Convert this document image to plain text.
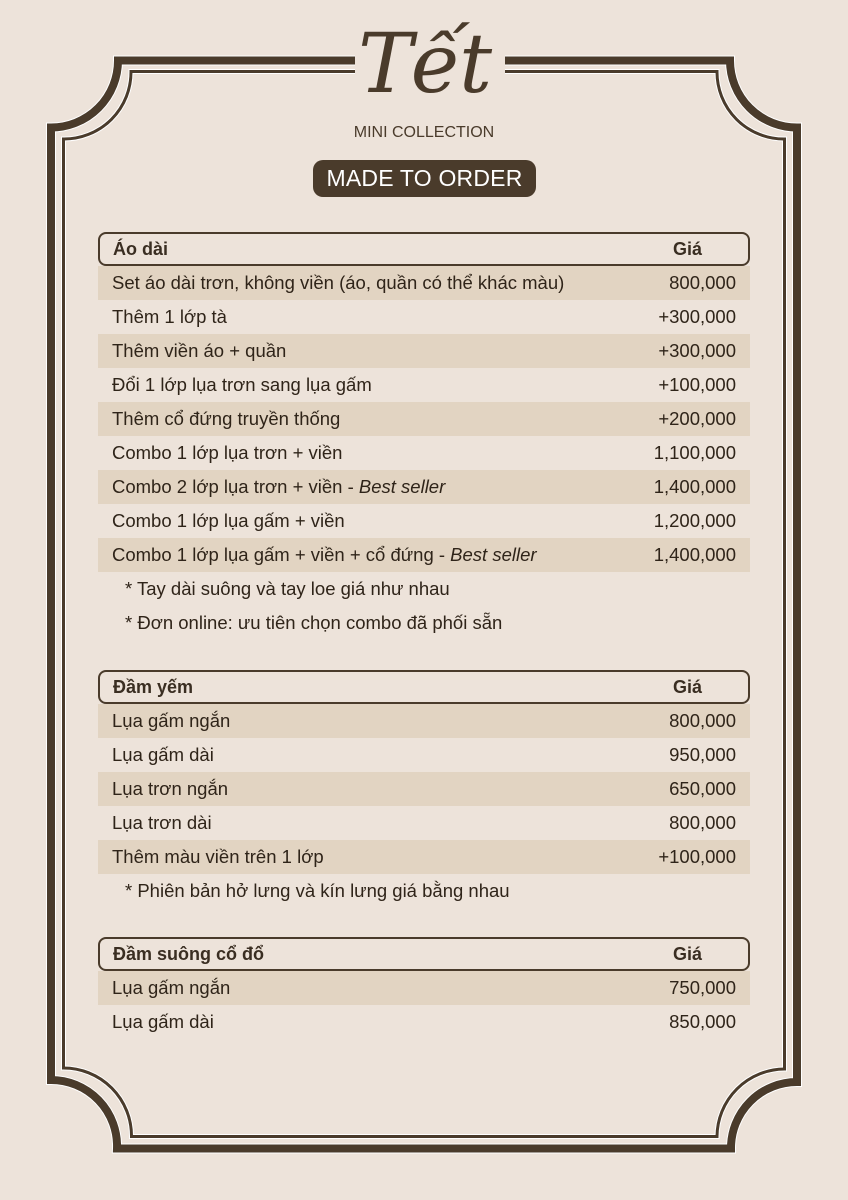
Tết
MINI COLLECTION
MADE TO ORDER
Áo dài	Giá
Set áo dài trơn, không viền (áo, quần có thể khác màu)	800,000
Thêm 1 lớp tà	+300,000
Thêm viền áo + quần	+300,000
Đổi 1 lớp lụa trơn sang lụa gấm	+100,000
Thêm cổ đứng truyền thống	+200,000
Combo 1 lớp lụa trơn + viền	1,100,000
Combo 2 lớp lụa trơn + viền - Best seller	1,400,000
Combo 1 lớp lụa gấm + viền	1,200,000
Combo 1 lớp lụa gấm + viền + cổ đứng - Best seller	1,400,000
* Tay dài suông và tay loe giá như nhau
* Đơn online: ưu tiên chọn combo đã phối sẵn
Đầm yếm	Giá
Lụa gấm ngắn	800,000
Lụa gấm dài	950,000
Lụa trơn ngắn	650,000
Lụa trơn dài	800,000
Thêm màu viền trên 1 lớp	+100,000
* Phiên bản hở lưng và kín lưng giá bằng nhau
Đầm suông cổ đổ	Giá
Lụa gấm ngắn	750,000
Lụa gấm dài	850,000
